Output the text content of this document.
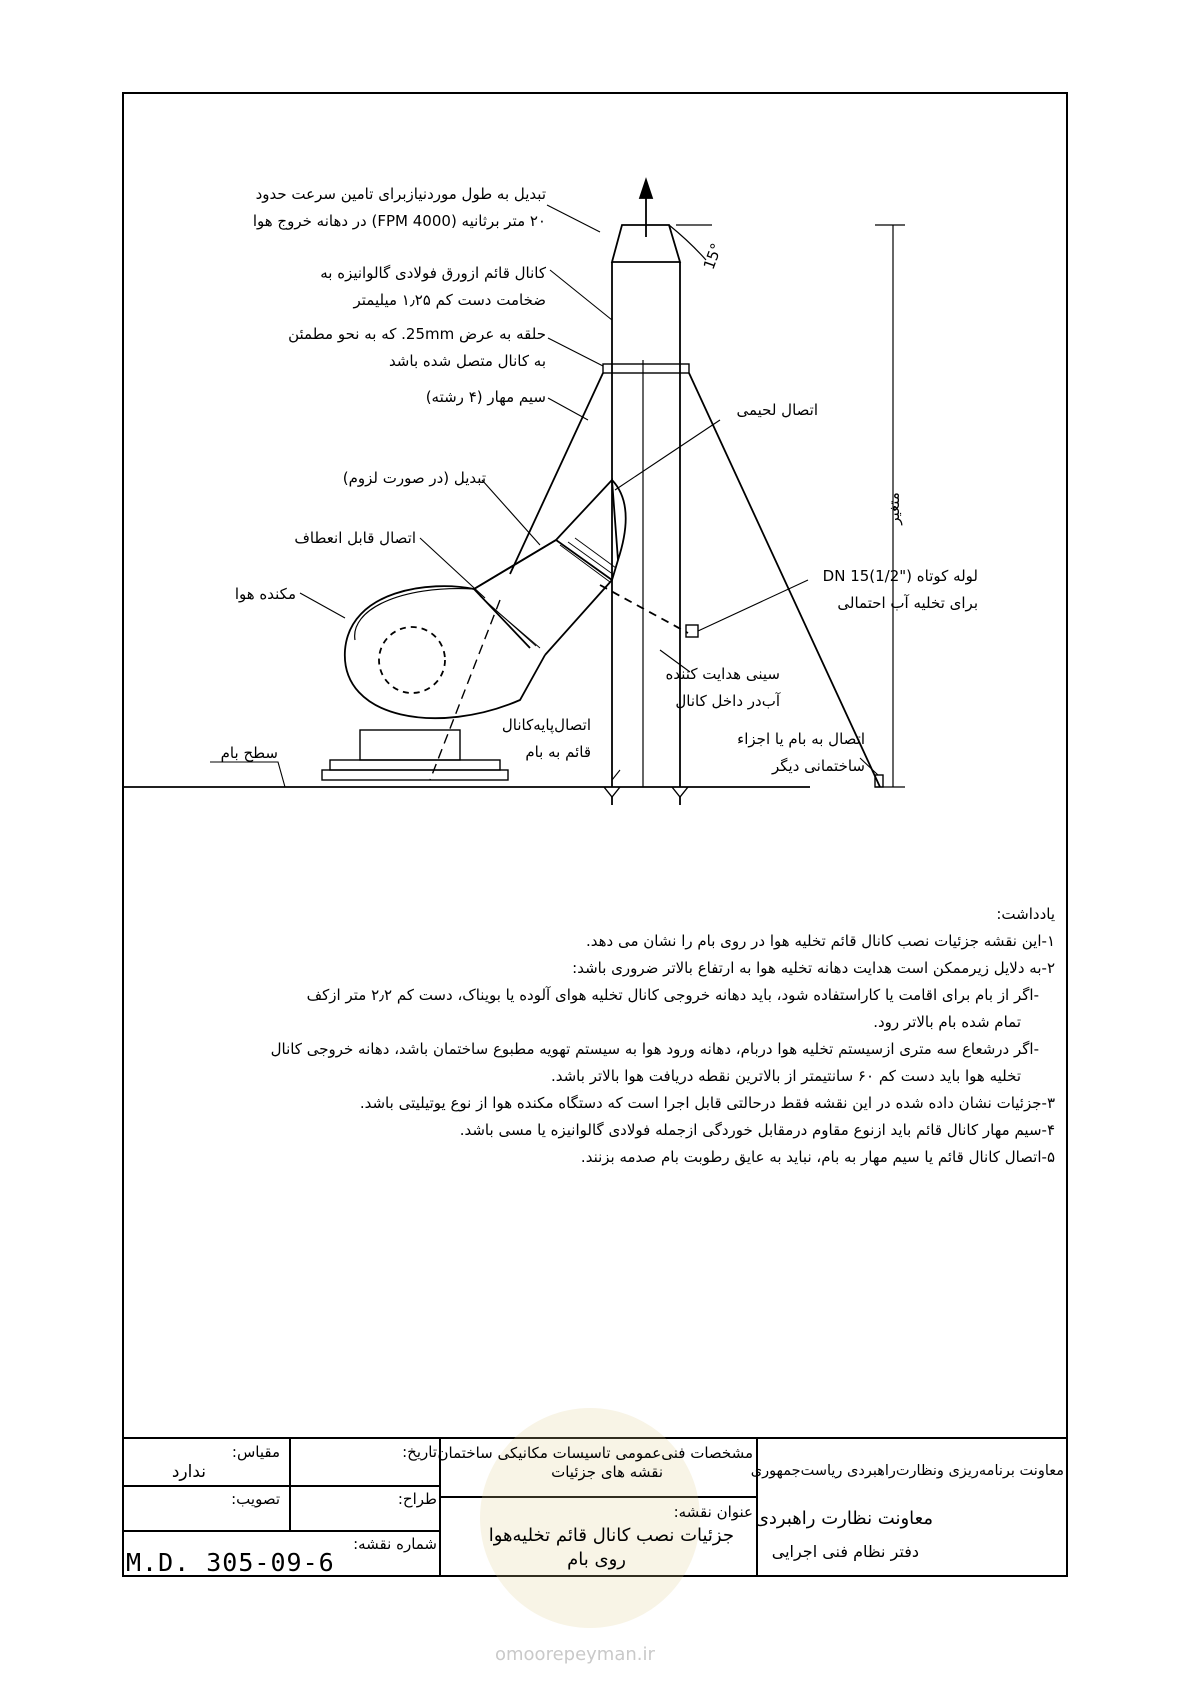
تبدیل به طول موردنیازبرای تامین سرعت حدود
۲۰ متر برثانیه (4000 FPM) در دهانه خروج هوا
کانال قائم ازورق فولادی گالوانیزه به
ضخامت دست کم ۱٫۲۵ میلیمتر
حلقه به عرض 25mm. که به نحو مطمئن
به کانال متصل شده باشد
سیم مهار (۴ رشته)
اتصال لحیمی
تبدیل (در صورت لزوم)
اتصال قابل انعطاف
مکنده هوا
متغیر
15°
لوله کوتاه ("DN 15(1/2
برای تخلیه آب احتمالی
سینی هدایت کننده
آب‌در داخل کانال
اتصال‌پایه‌کانال
قائم به بام
اتصال به بام یا اجزاء
ساختمانی دیگر
سطح بام

یادداشت:

۱-این نقشه جزئیات نصب کانال قائم تخلیه هوا در روی بام را نشان می دهد.

۲-به دلایل زیرممکن است هدایت دهانه تخلیه هوا به ارتفاع بالاتر ضروری باشد:

-اگر از بام برای اقامت یا کاراستفاده شود، باید دهانه خروجی کانال تخلیه هوای آلوده یا بویناک، دست کم ۲٫۲ متر ازکف

تمام شده بام بالاتر رود.

-اگر درشعاع سه متری ازسیستم تخلیه هوا دربام، دهانه ورود هوا به سیستم تهویه مطبوع ساختمان باشد، دهانه خروجی کانال

تخلیه هوا باید دست کم ۶۰ سانتیمتر از بالاترین نقطه دریافت هوا بالاتر باشد.

۳-جزئیات نشان داده شده در این نقشه فقط درحالتی قابل اجرا است که دستگاه مکنده هوا از نوع یوتیلیتی باشد.

۴-سیم مهار کانال قائم باید ازنوع مقاوم درمقابل خوردگی ازجمله فولادی گالوانیزه یا مسی باشد.

۵-اتصال کانال قائم یا سیم مهار به بام، نباید به عایق رطوبت بام صدمه بزنند.

omoorepeyman.ir
مقیاس:
ندارد
تاریخ:
تصویب:	طراح:
شماره نقشه:
M.D. 305-09-6
مشخصات فنی‌عمومی تاسیسات مکانیکی ساختمان
نقشه های جزئیات
عنوان نقشه:
جزئیات نصب کانال قائم تخلیه‌هوا
روی بام
معاونت برنامه‌ریزی ونظارت‌راهبردی ریاست‌جمهوری
معاونت نظارت راهبردی
دفتر نظام فنی اجرایی
